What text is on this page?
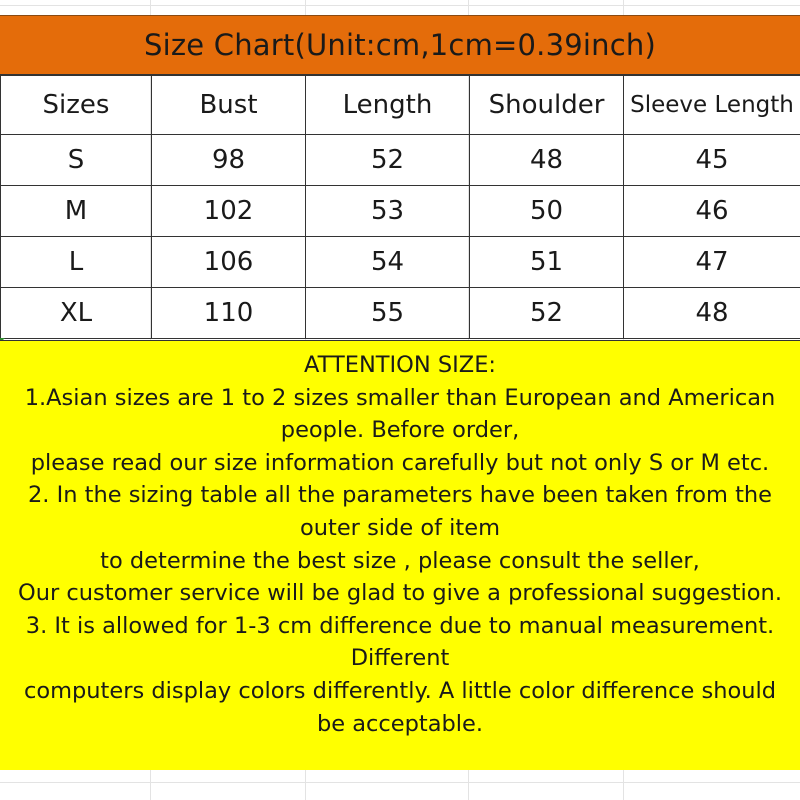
Size Chart(Unit:cm,1cm=0.39inch)
Sizes	Bust	Length	Shoulder	Sleeve Length
S	98	52	48	45
M	102	53	50	46
L	106	54	51	47
XL	110	55	52	48
ATTENTION SIZE:
1.Asian sizes are 1 to 2 sizes smaller than European and American
people. Before order,
please read our size information carefully but not only S or M etc.
2. In the sizing table all the parameters have been taken from the
outer side of item
to determine the best size , please consult the seller,
Our customer service will be glad to give a professional suggestion.
3. It is allowed for 1-3 cm difference due to manual measurement.
Different
computers display colors differently. A little color difference should
be acceptable.
